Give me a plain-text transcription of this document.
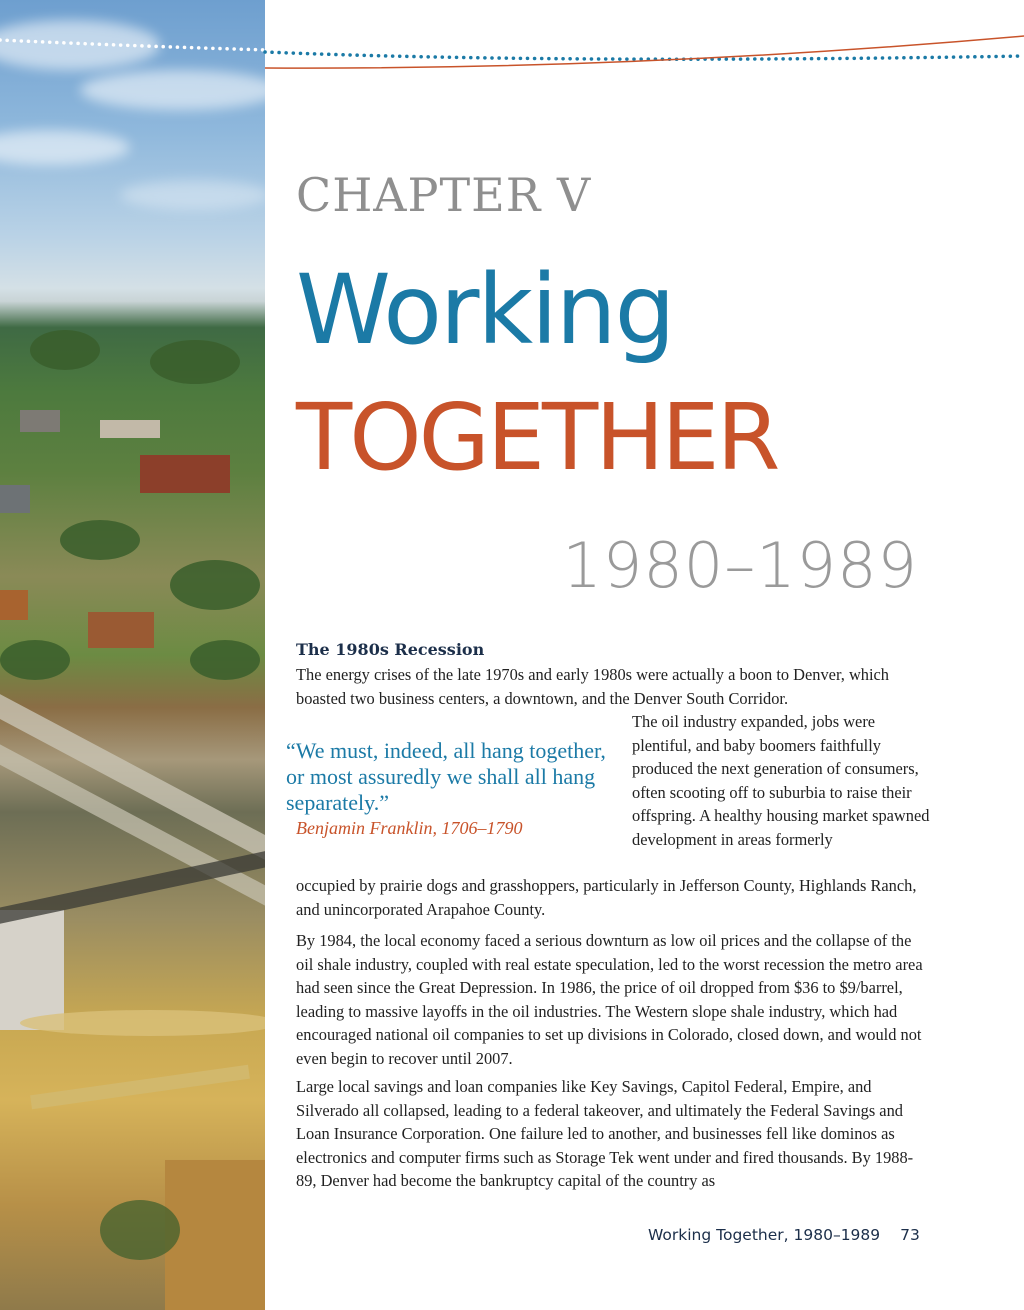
CHAPTER V
Working
TOGETHER
1980–1989
The 1980s Recession

The energy crises of the late 1970s and early 1980s were actually a boon to Denver, which boasted two business centers, a downtown, and the Denver South Corridor.

The oil industry expanded, jobs were plentiful, and baby boomers faithfully produced the next generation of consumers, often scooting off to suburbia to raise their offspring. A healthy housing market spawned development in areas formerly

occupied by prairie dogs and grasshoppers, particularly in Jefferson County, Highlands Ranch, and unincorporated Arapahoe County.

“We must, indeed, all hang together, or most assuredly we shall all hang separately.”

Benjamin Franklin, 1706–1790

By 1984, the local economy faced a serious downturn as low oil prices and the collapse of the oil shale industry, coupled with real estate speculation, led to the worst recession the metro area had seen since the Great Depression. In 1986, the price of oil dropped from $36 to $9/barrel, leading to massive layoffs in the oil industries. The Western slope shale industry, which had encouraged national oil companies to set up divisions in Colorado, closed down, and would not even begin to recover until 2007.

Large local savings and loan companies like Key Savings, Capitol Federal, Empire, and Silverado all collapsed, leading to a federal takeover, and ultimately the Federal Savings and Loan Insurance Corporation. One failure led to another, and businesses fell like dominos as electronics and computer firms such as Storage Tek went under and fired thousands. By 1988-89, Denver had become the bankruptcy capital of the country as

Working Together, 1980–1989 73
